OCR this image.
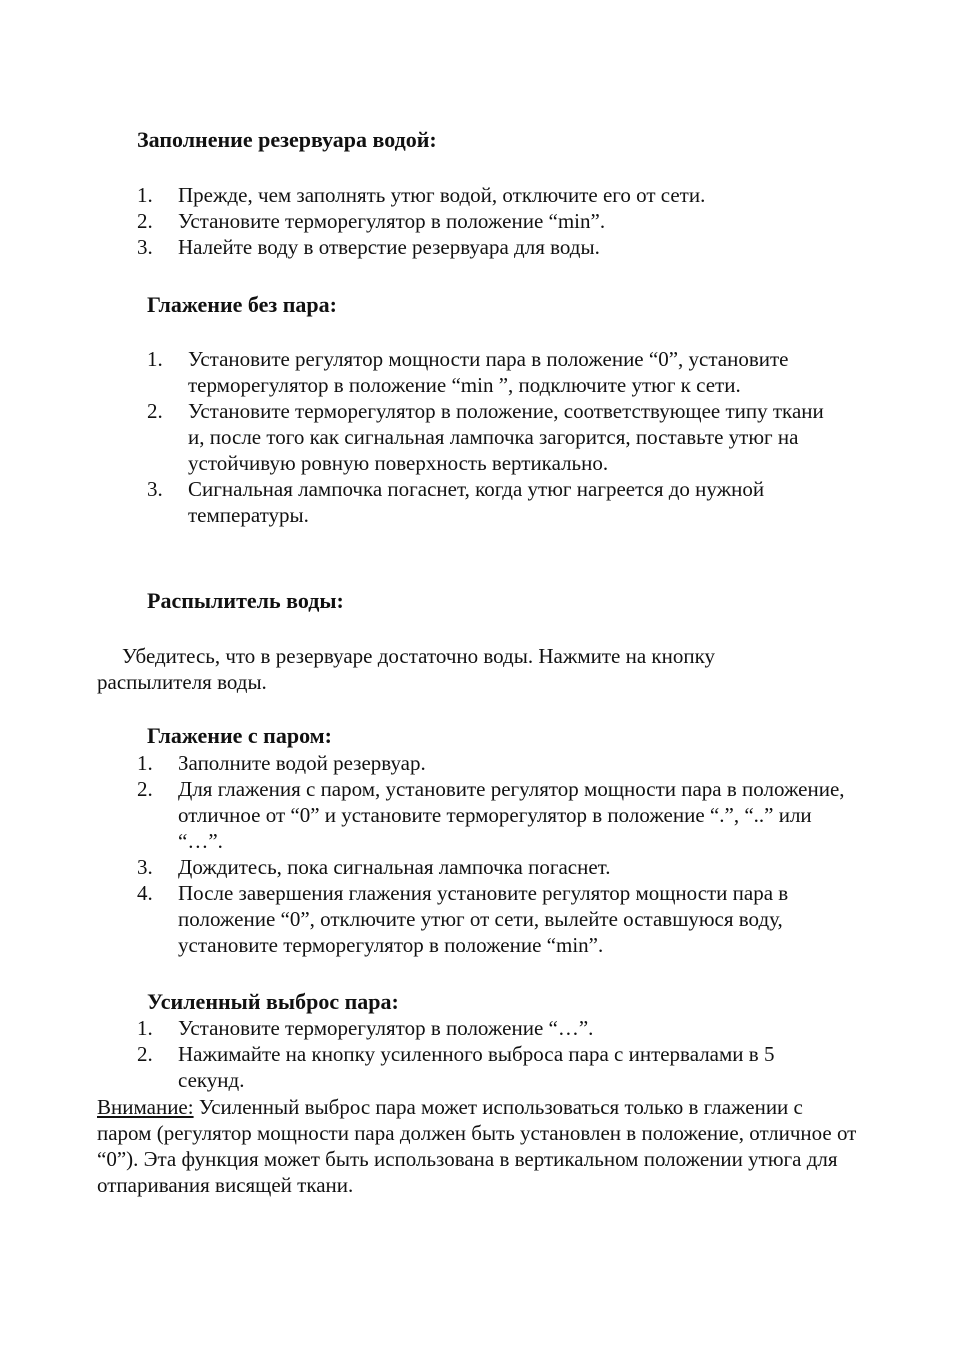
Заполнение резервуара водой:
1. Прежде, чем заполнять утюг водой, отключите его от сети.
2. Установите терморегулятор в положение “min”.
3. Налейте воду в отверстие резервуара для воды.
Глажение без пара:
1. Установите регулятор мощности пара в положение “0”, установите терморегулятор в положение “min ”, подключите утюг к сети.
2. Установите терморегулятор в положение, соответствующее типу ткани и, после того как сигнальная лампочка загорится, поставьте утюг на устойчивую ровную поверхность вертикально.
3. Сигнальная лампочка погаснет, когда утюг нагреется до нужной температуры.
Распылитель воды:

Убедитесь, что в резервуаре достаточно воды. Нажмите на кнопку распылителя воды.

Глажение с паром:
1. Заполните водой резервуар.
2. Для глажения с паром, установите регулятор мощности пара в положение, отличное от “0” и установите терморегулятор в положение “.”, “..” или “…”.
3. Дождитесь, пока сигнальная лампочка погаснет.
4. После завершения глажения установите регулятор мощности пара в положение “0”, отключите утюг от сети, вылейте оставшуюся воду, установите терморегулятор в положение “min”.
Усиленный выброс пара:
1. Установите терморегулятор в положение “…”.
2. Нажимайте на кнопку усиленного выброса пара с интервалами в 5 секунд.

Внимание: Усиленный выброс пара может использоваться только в глажении с паром (регулятор мощности пара должен быть установлен в положение, отличное от “0”). Эта функция может быть использована в вертикальном положении утюга для отпаривания висящей ткани.
